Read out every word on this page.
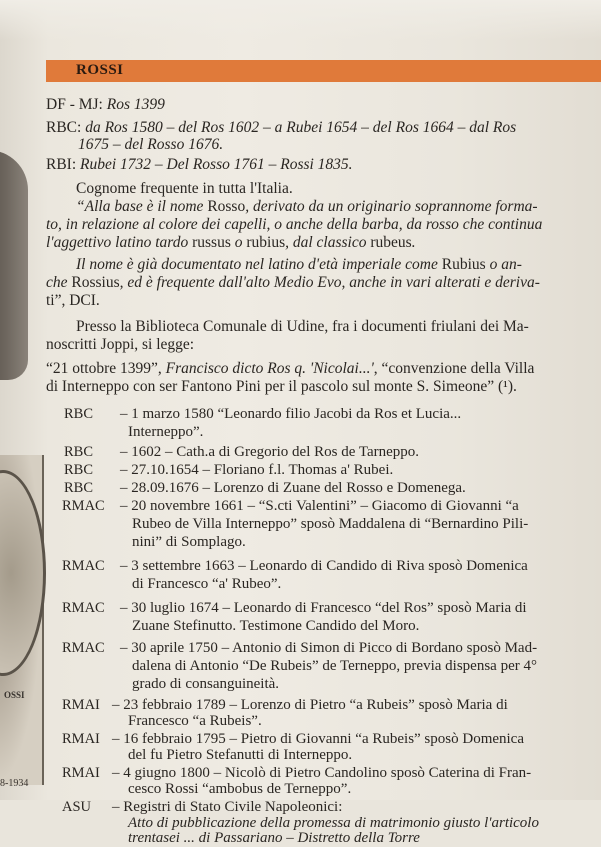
OSSI
8-1934
ROSSI
DF - MJ: Ros 1399
RBC: da Ros 1580 – del Ros 1602 – a Rubei 1654 – del Ros 1664 – dal Ros
1675 – del Rosso 1676.
RBI: Rubei 1732 – Del Rosso 1761 – Rossi 1835.
Cognome frequente in tutta l'Italia.
“Alla base è il nome Rosso, derivato da un originario soprannome forma-
to, in relazione al colore dei capelli, o anche della barba, da rosso che continua
l'aggettivo latino tardo russus o rubius, dal classico rubeus.
Il nome è già documentato nel latino d'età imperiale come Rubius o an-
che Rossius, ed è frequente dall'alto Medio Evo, anche in vari alterati e deriva-
ti”, DCI.
Presso la Biblioteca Comunale di Udine, fra i documenti friulani dei Ma-
noscritti Joppi, si legge:
“21 ottobre 1399”, Francisco dicto Ros q. 'Nicolai...', “convenzione della Villa
di Interneppo con ser Fantono Pini per il pascolo sul monte S. Simeone” (¹).
RBC – 1 marzo 1580 “Leonardo filio Jacobi da Ros et Lucia...
Interneppo”.
RBC – 1602 – Cath.a di Gregorio del Ros de Tarneppo.
RBC – 27.10.1654 – Floriano f.l. Thomas a' Rubei.
RBC – 28.09.1676 – Lorenzo di Zuane del Rosso e Domenega.
RMAC – 20 novembre 1661 – “S.cti Valentini” – Giacomo di Giovanni “a
Rubeo de Villa Interneppo” sposò Maddalena di “Bernardino Pili-
nini” di Somplago.
RMAC – 3 settembre 1663 – Leonardo di Candido di Riva sposò Domenica
di Francesco “a' Rubeo”.
RMAC – 30 luglio 1674 – Leonardo di Francesco “del Ros” sposò Maria di
Zuane Stefinutto. Testimone Candido del Moro.
RMAC – 30 aprile 1750 – Antonio di Simon di Picco di Bordano sposò Mad-
dalena di Antonio “De Rubeis” de Terneppo, previa dispensa per 4°
grado di consanguineità.
RMAI – 23 febbraio 1789 – Lorenzo di Pietro “a Rubeis” sposò Maria di
Francesco “a Rubeis”.
RMAI – 16 febbraio 1795 – Pietro di Giovanni “a Rubeis” sposò Domenica
del fu Pietro Stefanutti di Interneppo.
RMAI – 4 giugno 1800 – Nicolò di Pietro Candolino sposò Caterina di Fran-
cesco Rossi “ambobus de Terneppo”.
ASU – Registri di Stato Civile Napoleonici:
Atto di pubblicazione della promessa di matrimonio giusto l'articolo
trentasei ... di Passariano – Distretto della Torre
